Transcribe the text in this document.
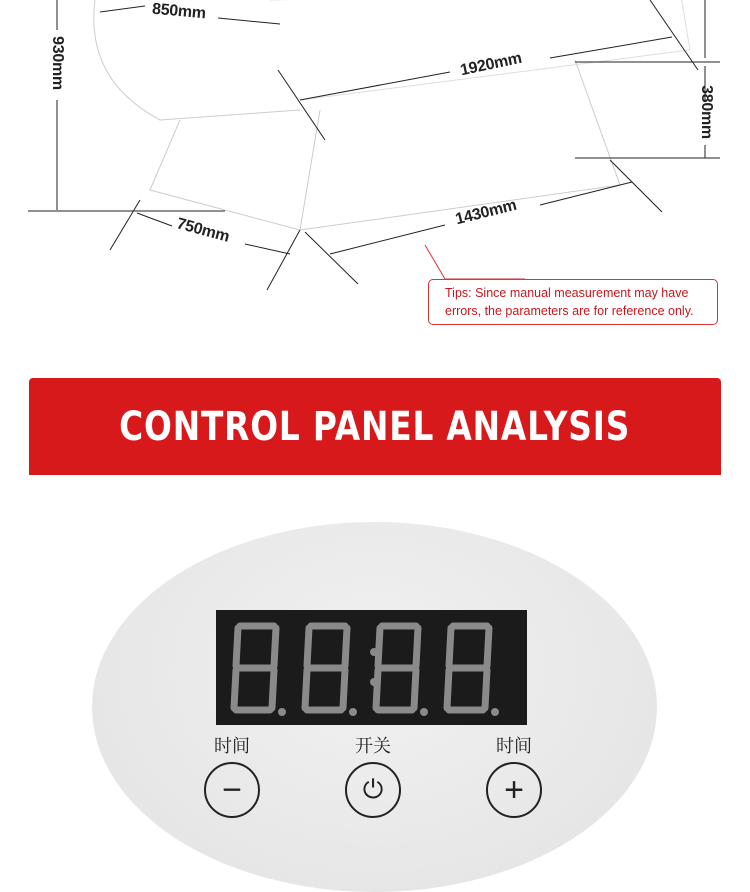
850mm
930mm	1920mm
380mm
750mm
1430mm
Tips: Since manual measurement may have
errors, the parameters are for reference only.
CONTROL PANEL ANALYSIS
时间	开关	时间
−	⏻	+
